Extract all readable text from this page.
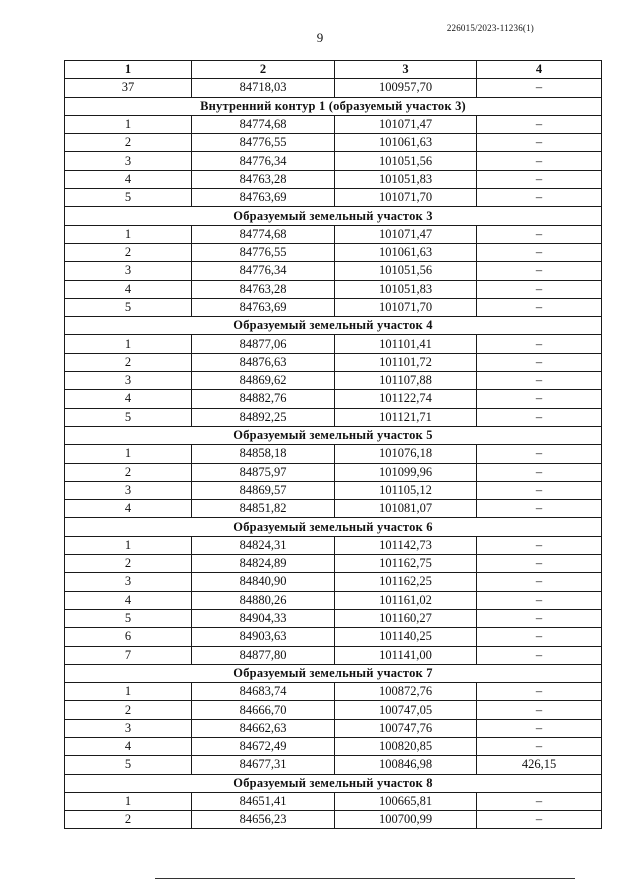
226015/2023-11236(1)
9
1	2	3	4
37	84718,03	100957,70	–
Внутренний контур 1 (образуемый участок 3)			
1	84774,68	101071,47	–
2	84776,55	101061,63	–
3	84776,34	101051,56	–
4	84763,28	101051,83	–
5	84763,69	101071,70	–
Образуемый земельный участок 3			
1	84774,68	101071,47	–
2	84776,55	101061,63	–
3	84776,34	101051,56	–
4	84763,28	101051,83	–
5	84763,69	101071,70	–
Образуемый земельный участок 4			
1	84877,06	101101,41	–
2	84876,63	101101,72	–
3	84869,62	101107,88	–
4	84882,76	101122,74	–
5	84892,25	101121,71	–
Образуемый земельный участок 5			
1	84858,18	101076,18	–
2	84875,97	101099,96	–
3	84869,57	101105,12	–
4	84851,82	101081,07	–
Образуемый земельный участок 6			
1	84824,31	101142,73	–
2	84824,89	101162,75	–
3	84840,90	101162,25	–
4	84880,26	101161,02	–
5	84904,33	101160,27	–
6	84903,63	101140,25	–
7	84877,80	101141,00	–
Образуемый земельный участок 7			
1	84683,74	100872,76	–
2	84666,70	100747,05	–
3	84662,63	100747,76	–
4	84672,49	100820,85	–
5	84677,31	100846,98	426,15
Образуемый земельный участок 8			
1	84651,41	100665,81	–
2	84656,23	100700,99	–
